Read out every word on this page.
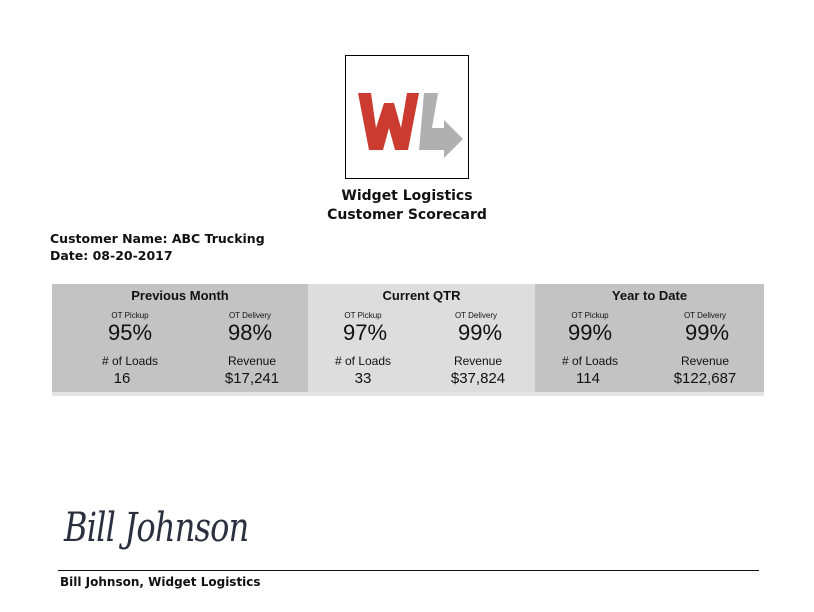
Widget Logistics
Customer Scorecard
Customer Name: ABC Trucking
Date: 08-20-2017
Previous Month
OT Pickup
95%
OT Delivery
98%
# of Loads
16
Revenue
$17,241
Current QTR
OT Pickup
97%
OT Delivery
99%
# of Loads
33
Revenue
$37,824
Year to Date
OT Pickup
99%
OT Delivery
99%
# of Loads
114
Revenue
$122,687
Bill Johnson
Bill Johnson, Widget Logistics
